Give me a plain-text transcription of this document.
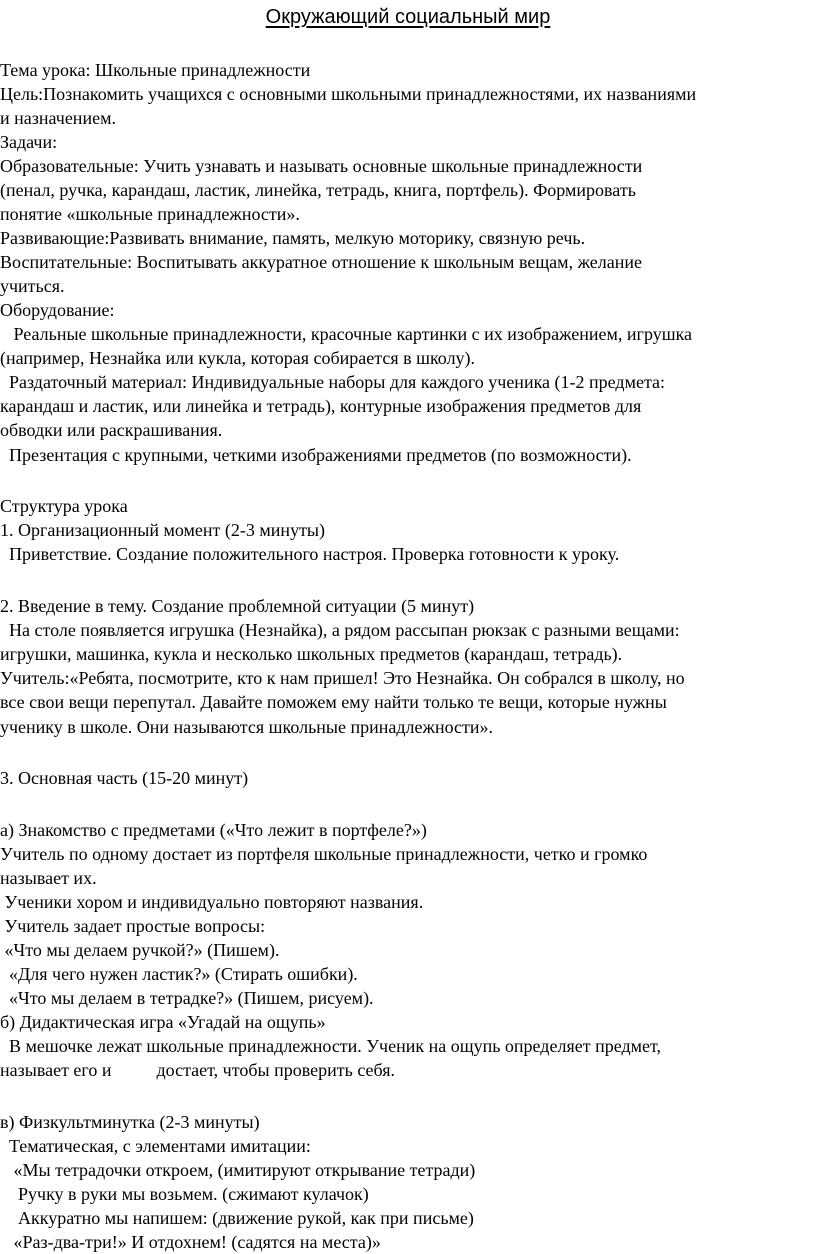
Окружающий социальный мир
Тема урока: Школьные принадлежности
Цель:Познакомить учащихся с основными школьными принадлежностями, их названиями
и назначением.
Задачи:
Образовательные: Учить узнавать и называть основные школьные принадлежности
(пенал, ручка, карандаш, ластик, линейка, тетрадь, книга, портфель). Формировать
понятие «школьные принадлежности».
Развивающие:Развивать внимание, память, мелкую моторику, связную речь.
Воспитательные: Воспитывать аккуратное отношение к школьным вещам, желание
учиться.
Оборудование:
Реальные школьные принадлежности, красочные картинки с их изображением, игрушка
(например, Незнайка или кукла, которая собирается в школу).
Раздаточный материал: Индивидуальные наборы для каждого ученика (1-2 предмета:
карандаш и ластик, или линейка и тетрадь), контурные изображения предметов для
обводки или раскрашивания.
Презентация с крупными, четкими изображениями предметов (по возможности).
Структура урока
1. Организационный момент (2-3 минуты)
Приветствие. Создание положительного настроя. Проверка готовности к уроку.
2. Введение в тему. Создание проблемной ситуации (5 минут)
На столе появляется игрушка (Незнайка), а рядом рассыпан рюкзак с разными вещами:
игрушки, машинка, кукла и несколько школьных предметов (карандаш, тетрадь).
Учитель:«Ребята, посмотрите, кто к нам пришел! Это Незнайка. Он собрался в школу, но
все свои вещи перепутал. Давайте поможем ему найти только те вещи, которые нужны
ученику в школе. Они называются школьные принадлежности».
3. Основная часть (15-20 минут)
а) Знакомство с предметами («Что лежит в портфеле?»)
Учитель по одному достает из портфеля школьные принадлежности, четко и громко
называет их.
Ученики хором и индивидуально повторяют названия.
Учитель задает простые вопросы:
«Что мы делаем ручкой?» (Пишем).
«Для чего нужен ластик?» (Стирать ошибки).
«Что мы делаем в тетрадке?» (Пишем, рисуем).
б) Дидактическая игра «Угадай на ощупь»
В мешочке лежат школьные принадлежности. Ученик на ощупь определяет предмет,
называет его и          достает, чтобы проверить себя.
в) Физкультминутка (2-3 минуты)
Тематическая, с элементами имитации:
«Мы тетрадочки откроем, (имитируют открывание тетради)
Ручку в руки мы возьмем. (сжимают кулачок)
Аккуратно мы напишем: (движение рукой, как при письме)
«Раз-два-три!» И отдохнем! (садятся на места)»
